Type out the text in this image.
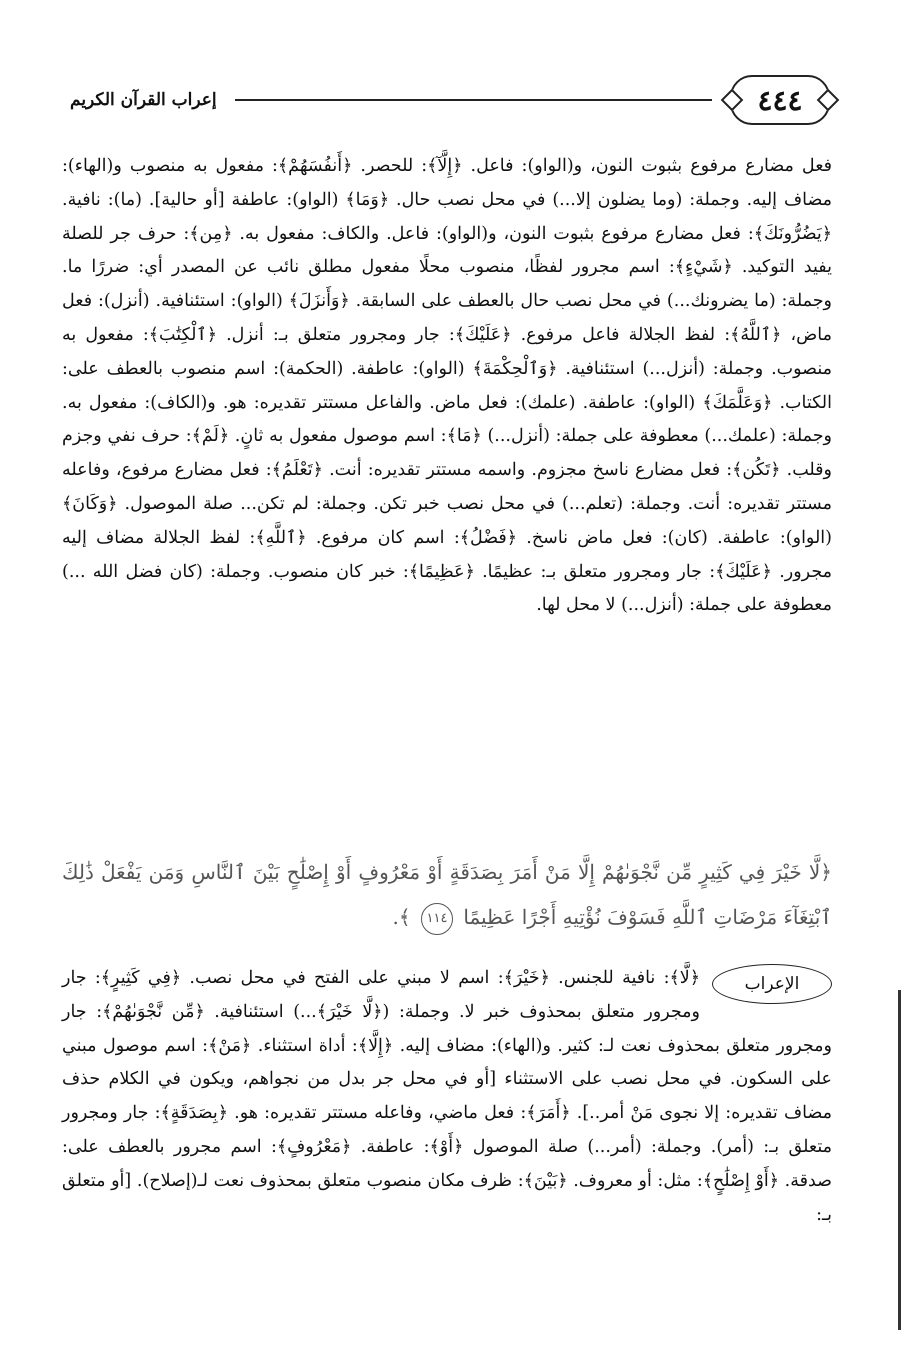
٤٤٤
إعراب القرآن الكريم

فعل مضارع مرفوع بثبوت النون، و(الواو): فاعل. ﴿إِلَّآ﴾: للحصر. ﴿أَنفُسَهُمْ﴾: مفعول به منصوب و(الهاء): مضاف إليه. وجملة: (وما يضلون إلا...) في محل نصب حال. ﴿وَمَا﴾ (الواو): عاطفة [أو حالية]. (ما): نافية. ﴿يَضُرُّونَكَ﴾: فعل مضارع مرفوع بثبوت النون، و(الواو): فاعل. والكاف: مفعول به. ﴿مِن﴾: حرف جر للصلة يفيد التوكيد. ﴿شَيْءٍ﴾: اسم مجرور لفظًا، منصوب محلًا مفعول مطلق نائب عن المصدر أي: ضررًا ما. وجملة: (ما يضرونك...) في محل نصب حال بالعطف على السابقة. ﴿وَأَنزَلَ﴾ (الواو): استئنافية. (أنزل): فعل ماض، ﴿ٱللَّهُ﴾: لفظ الجلالة فاعل مرفوع. ﴿عَلَيْكَ﴾: جار ومجرور متعلق بـ: أنزل. ﴿ٱلْكِتَٰبَ﴾: مفعول به منصوب. وجملة: (أنزل...) استئنافية. ﴿وَٱلْحِكْمَةَ﴾ (الواو): عاطفة. (الحكمة): اسم منصوب بالعطف على: الكتاب. ﴿وَعَلَّمَكَ﴾ (الواو): عاطفة. (علمك): فعل ماض. والفاعل مستتر تقديره: هو. و(الكاف): مفعول به. وجملة: (علمك...) معطوفة على جملة: (أنزل...) ﴿مَا﴾: اسم موصول مفعول به ثانٍ. ﴿لَمْ﴾: حرف نفي وجزم وقلب. ﴿تَكُن﴾: فعل مضارع ناسخ مجزوم. واسمه مستتر تقديره: أنت. ﴿تَعْلَمُ﴾: فعل مضارع مرفوع، وفاعله مستتر تقديره: أنت. وجملة: (تعلم...) في محل نصب خبر تكن. وجملة: لم تكن... صلة الموصول. ﴿وَكَانَ﴾ (الواو): عاطفة. (كان): فعل ماض ناسخ. ﴿فَضْلُ﴾: اسم كان مرفوع. ﴿ٱللَّهِ﴾: لفظ الجلالة مضاف إليه مجرور. ﴿عَلَيْكَ﴾: جار ومجرور متعلق بـ: عظيمًا. ﴿عَظِيمًا﴾: خبر كان منصوب. وجملة: (كان فضل الله ...) معطوفة على جملة: (أنزل...) لا محل لها.

﴿لَّا خَيْرَ فِي كَثِيرٍ مِّن نَّجْوَىٰهُمْ إِلَّا مَنْ أَمَرَ بِصَدَقَةٍ أَوْ مَعْرُوفٍ أَوْ إِصْلَٰحٍ بَيْنَ ٱلنَّاسِ وَمَن يَفْعَلْ ذَٰلِكَ ٱبْتِغَآءَ مَرْضَاتِ ٱللَّهِ فَسَوْفَ نُؤْتِيهِ أَجْرًا عَظِيمًا ١١٤ ﴾.
الإعراب

﴿لَّا﴾: نافية للجنس. ﴿خَيْرَ﴾: اسم لا مبني على الفتح في محل نصب. ﴿فِي كَثِيرٍ﴾: جار ومجرور متعلق بمحذوف خبر لا. وجملة: (﴿لَّا خَيْرَ﴾...) استئنافية. ﴿مِّن نَّجْوَىٰهُمْ﴾: جار ومجرور متعلق بمحذوف نعت لـ: كثير. و(الهاء): مضاف إليه. ﴿إِلَّا﴾: أداة استثناء. ﴿مَنْ﴾: اسم موصول مبني على السكون. في محل نصب على الاستثناء [أو في محل جر بدل من نجواهم، ويكون في الكلام حذف مضاف تقديره: إلا نجوى مَنْ أمر..]. ﴿أَمَرَ﴾: فعل ماضي، وفاعله مستتر تقديره: هو. ﴿بِصَدَقَةٍ﴾: جار ومجرور متعلق بـ: (أمر). وجملة: (أمر...) صلة الموصول ﴿أَوْ﴾: عاطفة. ﴿مَعْرُوفٍ﴾: اسم مجرور بالعطف على: صدقة. ﴿أَوْ إِصْلَٰحٍ﴾: مثل: أو معروف. ﴿بَيْنَ﴾: ظرف مكان منصوب متعلق بمحذوف نعت لـ(إصلاح). [أو متعلق بـ:
